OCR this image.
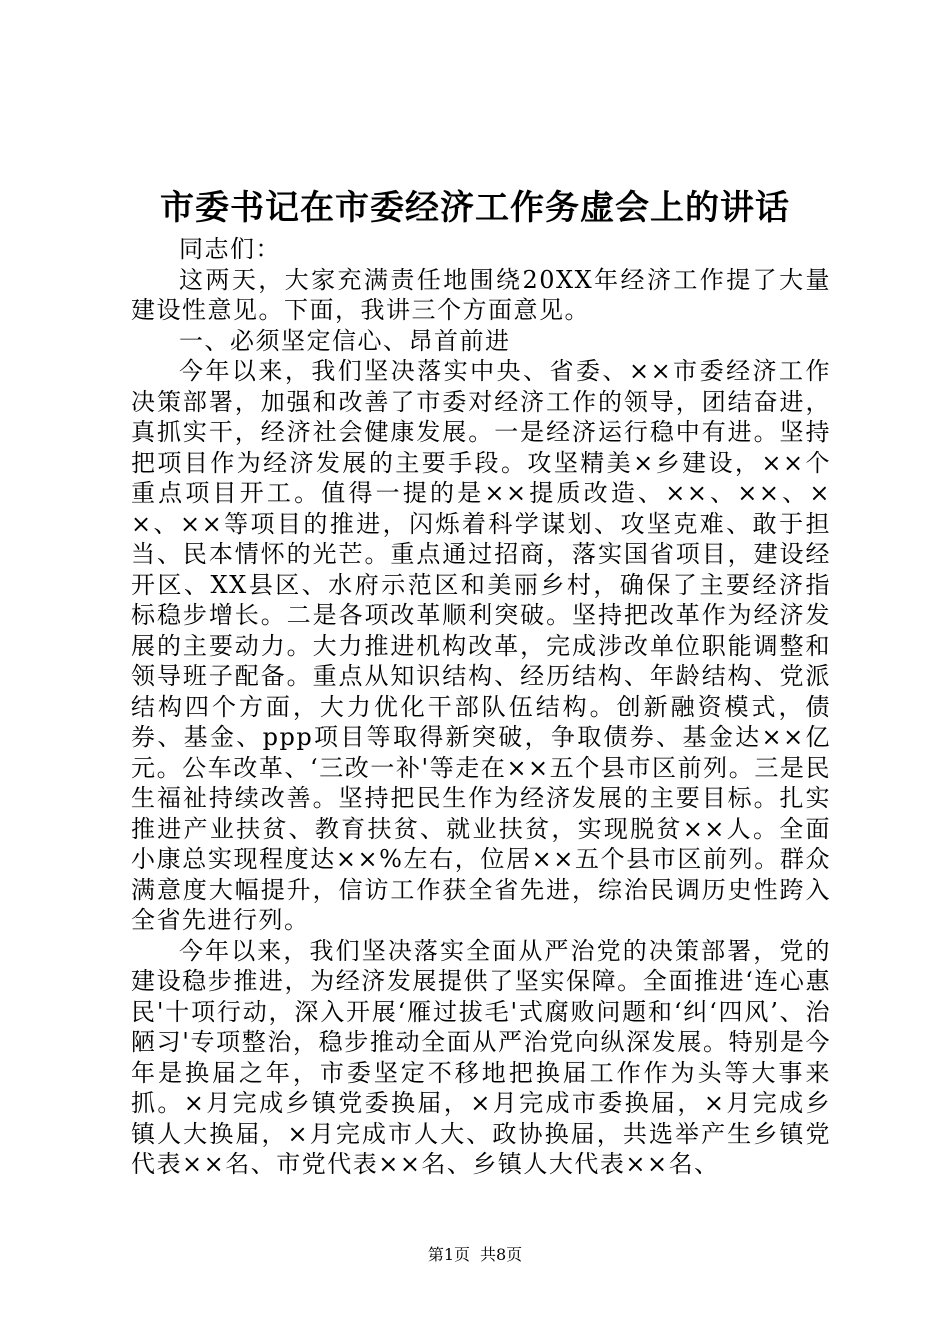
市委书记在市委经济工作务虚会上的讲话

同志们：

这两天，大家充满责任地围绕20XX年经济工作提了大量建设性意见。下面，我讲三个方面意见。

一、必须坚定信心、昂首前进

今年以来，我们坚决落实中央、省委、××市委经济工作决策部署，加强和改善了市委对经济工作的领导，团结奋进，真抓实干，经济社会健康发展。一是经济运行稳中有进。坚持把项目作为经济发展的主要手段。攻坚精美×乡建设，××个重点项目开工。值得一提的是××提质改造、××、××、××、××等项目的推进，闪烁着科学谋划、攻坚克难、敢于担当、民本情怀的光芒。重点通过招商，落实国省项目，建设经开区、XX县区、水府示范区和美丽乡村，确保了主要经济指标稳步增长。二是各项改革顺利突破。坚持把改革作为经济发展的主要动力。大力推进机构改革，完成涉改单位职能调整和领导班子配备。重点从知识结构、经历结构、年龄结构、党派结构四个方面，大力优化干部队伍结构。创新融资模式，债券、基金、ppp项目等取得新突破，争取债券、基金达××亿元。公车改革、‘三改一补'等走在××五个县市区前列。三是民生福祉持续改善。坚持把民生作为经济发展的主要目标。扎实推进产业扶贫、教育扶贫、就业扶贫，实现脱贫××人。全面小康总实现程度达××%左右，位居××五个县市区前列。群众满意度大幅提升，信访工作获全省先进，综治民调历史性跨入全省先进行列。

今年以来，我们坚决落实全面从严治党的决策部署，党的建设稳步推进，为经济发展提供了坚实保障。全面推进‘连心惠民'十项行动，深入开展‘雁过拔毛'式腐败问题和‘纠‘四风’、治陋习'专项整治，稳步推动全面从严治党向纵深发展。特别是今年是换届之年，市委坚定不移地把换届工作作为头等大事来抓。×月完成乡镇党委换届，×月完成市委换届，×月完成乡镇人大换届，×月完成市人大、政协换届，共选举产生乡镇党代表××名、市党代表××名、乡镇人大代表××名、

第1页 共8页
